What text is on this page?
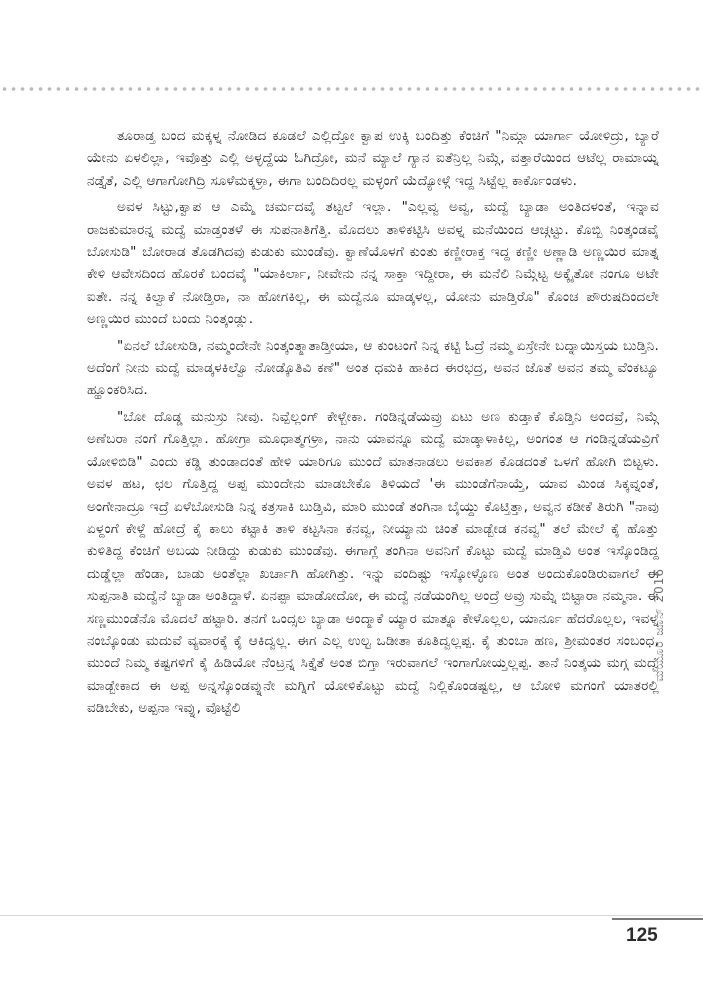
ತೂರಾಡ್ತ ಬಂದ ಮಕ್ಕಳ್ನ ನೋಡಿದ ಕೂಡಲೆ ಎಲ್ಲಿದ್ತೋ ಕ್ವಾಪ ಉಕ್ಕಿ ಬಂದಿತ್ತು ಕೆಂಚಿಗೆ "ನಿಮ್ಗಾ ಯಾರ್ಗಾ ಯೋಳಿದ್ರು, ಬ್ಯಾರೆ ಯೇನು ಏಳಲಿಲ್ಲಾ, ಇವೊತ್ತು ಎಲ್ಲಿ ಅಳ್ಳದ್ದೆಯ ಓಗಿದ್ರೋ, ಮನೆ ಮ್ಯಾಲೆ ಗ್ಯಾನ ಐತೆನ್ರಿಲ್ಲ ನಿಮ್ಗೆ, ವತ್ತಾರೆಯಿಂದ ಆಟೆಲ್ಲ ರಾಮಾಯ್ನ ನಡ್ತೈತೆ, ಎಲ್ಲಿ ಆಗಾಗೋಗಿದ್ರಿ ಸೂಳೆಮಕ್ಕಳ್ರಾ, ಈಗಾ ಬಂದಿದಿರಲ್ಲ ಮಳ್ಳಂಗೆ ಯೆದ್ಯೋಳ್ಗೆ ಇದ್ದ ಸಿಟ್ಟೆಲ್ಲ ಕಾರ್ಕೊಂಡಳು.

ಅವಳ ಸಿಟ್ಟು,ಕ್ವಾಪ ಆ ಎಮ್ಮೆ ಚರ್ಮದವೈ ತಟ್ಟಲೆ ಇಲ್ಲಾ. "ಎಲ್ಲವ್ವ ಅವ್ವ, ಮದ್ವೆ ಬ್ಯಾಡಾ ಅಂತಿದಳಂತೆ, ಇನ್ನಾವ ರಾಜಕುಮಾರನ್ನ ಮದ್ವೆ ಮಾಡ್ತಂತಳೆ ಈ ಸುಪನಾತಿಗೆತ್ತಿ. ಮೊದಲು ತಾಳಿಕಟ್ಟಿಸಿ ಅವಳ್ನ ಮನೆಯಿಂದ ಆಚ್ಗಟ್ಟು. ಕೊಬ್ಬಿ ನಿಂತ್ಕಂಡವೈ ಬೋಸುಡಿ" ಬೋರಾಡ ತೊಡಗಿದವು ಕುಡುಕು ಮುಂಡೆವು. ಕ್ವಾಣೆಯೊಳಗೆ ಕುಂತು ಕಣ್ಣೀರಾಕ್ತ ಇದ್ದ ಕಣ್ಣೀ ಅಣ್ಣಾಡಿ ಅಣ್ಣಯಿರ ಮಾತ್ನ ಕೇಳಿ ಆವೇಸದಿಂದ ಹೊರಕೆ ಬಂದವೈ "ಯಾಕಿರ್ಲಾ, ನೀವೇನು ನನ್ನ ಸಾಕ್ತಾ ಇದ್ದೀರಾ, ಈ ಮನೆಲಿ ನಿಮ್ಗೆಟ್ಟ ಅಕ್ಕೈತೋ ನಂಗೂ ಅಟೇ ಐತೇ. ನನ್ನ ಕಿಲ್ವಾಕೆ ನೋಡ್ತಿರಾ, ನಾ ಹೋಗಕಿಲ್ಲ, ಈ ಮದ್ವೆನೂ ಮಾಡ್ಕಳಲ್ಲ, ಯೋನು ಮಾಡ್ತಿರೊ" ಕೊಂಚ ಪೌರುಷದಿಂದಲೇ ಅಣ್ಣಯಿರ ಮುಂದೆ ಬಂದು ನಿಂತ್ಕಂಡ್ಲು.

"ಏನಲೆ ಬೋಸುಡಿ, ನಮ್ಮಂದೇನೇ ನಿಂತ್ಕಂತ್ಮಾತಾಡ್ತೀಯಾ, ಆ ಕುಂಟಂಗೆ ನಿನ್ನ ಕಟ್ಟಿ ಓದ್ರೆ ನಮ್ಮ ಏಸ್ರೇನೇ ಬದ್ನಾಯಿಸ್ತಯ ಬುಡ್ತಿನಿ. ಅದೆಂಗೆ ನೀನು ಮದ್ವೆ ಮಾಡ್ಕಳಕಿಲ್ವೊ ನೋಡ್ಕೊತಿವಿ ಕಣೆ" ಅಂತ ಧಮಕಿ ಹಾಕಿದ ಈರಭದ್ರ, ಅವನ ಜೊತೆ ಅವನ ತಮ್ಮ ವೆಂಕಟ್ಯೂ ಹ್ಹೂಂಕರಿಸಿದ.

"ಬೋ ದೊಡ್ಡ ಮನುಸ್ರು ನೀವು. ನಿವ್ಪೆಲ್ಲಂಗ್ ಕೇಳ್ಬೇಕಾ. ಗಂಡಿನ್ನಡೆಯವ್ರು ಏಟು ಅಣ ಕುಡ್ತಾಕೆ ಕೊಡ್ತಿನಿ ಅಂದವ್ರೆ, ನಿಮ್ಗೆ ಅಣೆಬರಾ ನಂಗೆ ಗೊತ್ತಿಲ್ಲಾ. ಹೋಗ್ರಾ ಮೂಧಾತ್ಮಗಳ್ರಾ, ನಾನು ಯಾವನ್ನೂ ಮದ್ವೆ ಮಾಡ್ಕಾಳಾಕಿಲ್ಲ, ಅಂಗಂತ ಆ ಗಂಡಿನ್ನಡೆಯವ್ರಿಗೆ ಯೋಳಿಬಿಡಿ" ಎಂದು ಕಡ್ಡಿ ತುಂಡಾದಂತೆ ಹೇಳಿ ಯಾರಿಗೂ ಮುಂದೆ ಮಾತನಾಡಲು ಅವಕಾಶ ಕೊಡದಂತೆ ಒಳಗೆ ಹೋಗಿ ಬಿಟ್ಟಳು. ಅವಳ ಹಟ, ಛಲ ಗೊತ್ತಿದ್ದ ಅಪ್ಪ ಮುಂದೇನು ಮಾಡಬೇಕೊ ತಿಳಿಯದೆ 'ಈ ಮುಂಡೆಗೆನಾಯ್ತೆ, ಯಾವ ಮಿಂಡ ಸಿಕ್ಕವ್ನಂತೆ, ಅಂಗೇನಾದ್ರೂ ಇದ್ರೆ ಏಳೆಬೋಸುಡಿ ನಿನ್ನ ಕತ್ರಸಾಕಿ ಬುಡ್ತಿವಿ, ಮಾರಿ ಮುಂಡೆ ತಂಗಿನಾ ಬೈಯ್ದು ಕೊಟ್ತಿತ್ತಾ, ಅವ್ವನ ಕಡೀಕೆ ತಿರುಗಿ "ನಾವು ಏಳ್ದಂಗೆ ಕೇಳ್ದೆ ಹೋದ್ರೆ ಕೈ ಕಾಲು ಕಟ್ಟಾಕಿ ತಾಳಿ ಕಟ್ಟಸಿನಾ ಕನವ್ವ, ನೀಯ್ಯಾನು ಚಿಂತೆ ಮಾಡ್ಬೇಡ ಕನವ್ವ" ತಲೆ ಮೇಲೆ ಕೈ ಹೊತ್ತು ಕುಳಿತಿದ್ದ ಕೆಂಚಿಗೆ ಅಬಯ ನೀಡಿದ್ದು ಕುಡುಕು ಮುಂಡೆವು. ಈಗಾಗ್ಲೆ ತಂಗಿನಾ ಅವನಿಗೆ ಕೊಟ್ಟು ಮದ್ವೆ ಮಾಡ್ತಿವಿ ಅಂತ ಇಸ್ಕೊಂಡಿದ್ದ ದುಡ್ಡೆಲ್ಲಾ ಹೆಂಡಾ, ಬಾಡು ಅಂತೆಲ್ಲಾ ಖರ್ಚಾಗಿ ಹೋಗಿತ್ತು. ಇನ್ನು ವಂದಿಷ್ಟು ಇಸ್ಕೋಳ್ಳೊಣ ಅಂತ ಅಂದುಕೊಂಡಿರುವಾಗಲೆ ಈ ಸುಪ್ಪನಾತಿ ಮದ್ವೆನೆ ಬ್ಯಾಡಾ ಅಂತಿದ್ದಾಳೆ. ಏನಪ್ಪಾ ಮಾಡೋದೋ, ಈ ಮದ್ವೆ ನಡೆಯಂಗಿಲ್ಲ ಅಂದ್ರೆ ಅವ್ರು ಸುಮ್ನೆ ಬಿಟ್ಟಾರಾ ನಮ್ಮನಾ. ಈ ಸಣ್ಣಮುಂಡೆನೊ ಮೊದಲೆ ಹಟ್ಟಾರಿ. ತನಗೆ ಒಂದ್ಸಲ ಬ್ಯಾಡಾ ಅಂದ್ಮಾಕೆ ಯ್ಯಾರ ಮಾತ್ನೂ ಕೇಳೊಲ್ಲಲ, ಯಾರ್ನೂ ಹೆದರೊಲ್ಲಲ, ಇವಳ್ನ ನಂಬ್ಕೊಂಡು ಮದುವೆ ವ್ಯವಾರಕ್ಕೆ ಕೈ ಆಕಿದ್ವಲ್ಲ. ಈಗ ಎಲ್ಲ ಉಲ್ಟ ಒಡೀತಾ ಕೂತಿದ್ವಲ್ಲಪ್ಪ. ಕೈ ತುಂಬಾ ಹಣ, ಶ್ರೀಮಂತರ ಸಂಬಂಧ, ಮುಂದೆ ನಿಮ್ಮ ಕಷ್ಟಗಳಿಗೆ ಕೈ ಹಿಡಿಯೋ ನೆಂಟ್ರನ್ನ ಸಿಕ್ತೈತೆ ಅಂತ ಬಿಗ್ತಾ ಇರುವಾಗಲೆ ಇಂಗಾಗೋಯ್ತಲ್ಲಪ್ಪ. ತಾನೆ ನಿಂತ್ಕಯ ಮಗ್ಗ ಮದ್ವೆ ಮಾಡ್ಬೇಕಾದ ಈ ಅಪ್ಪ ಅನ್ನಸ್ಕೊಂಡವ್ನುನೇ ಮಗ್ನಿಗೆ ಯೋಳಿಕೊಟ್ಟು ಮದ್ವೆ ನಿಲ್ಲಿಕೊಂಡಷ್ಟಲ್ಲ, ಆ ಬೋಳಿ ಮಗಂಗೆ ಯಾತರಲ್ಲಿ ವಡಿಬೇಕು, ಅಪ್ಪನಾ ಇವ್ನು, ವೊಟ್ಟೆಲಿ

ಮಯೂರ ಜೂನ್ 2016
125
